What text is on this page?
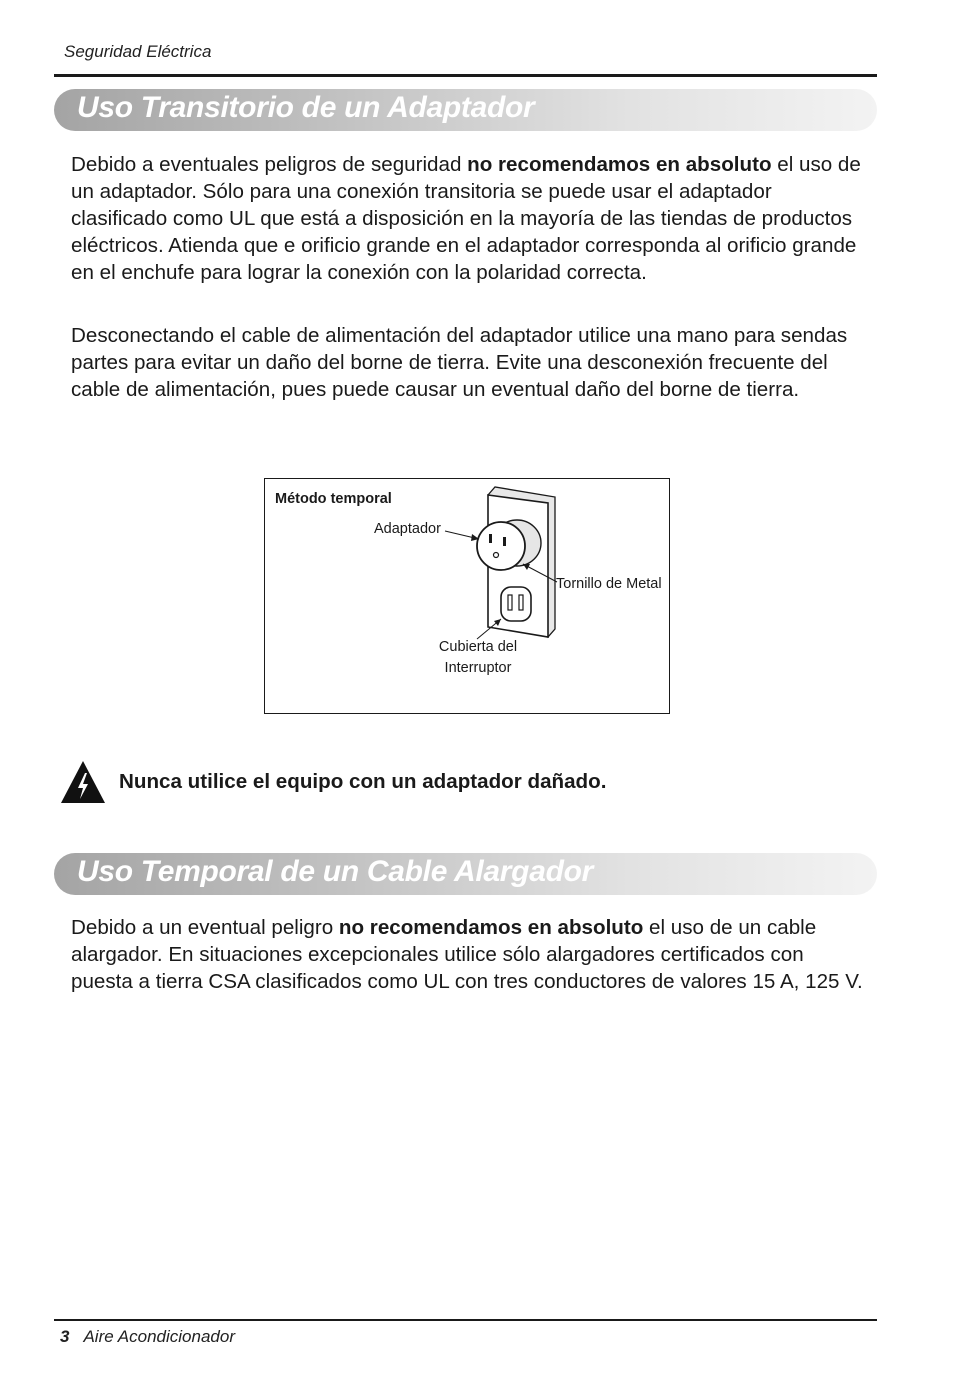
Seguridad Eléctrica
Uso Transitorio de un Adaptador

Debido a eventuales peligros de seguridad no recomendamos en absoluto el uso de un adaptador. Sólo para una conexión transitoria se puede usar el adaptador clasificado como UL que está a disposición en la mayoría de las tiendas de productos eléctricos. Atienda que e orificio grande en el adaptador corresponda al orificio grande en el enchufe para lograr la conexión con la polaridad correcta.

Desconectando el cable de alimentación del adaptador utilice una mano para sendas partes para evitar un daño del borne de tierra. Evite una desconexión frecuente del cable de alimentación, pues puede causar un eventual daño del borne de tierra.

Método temporal
Adaptador
Tornillo de Metal
Cubierta del
Interruptor
Nunca utilice el equipo con un adaptador dañado.
Uso Temporal de un Cable Alargador

Debido a un eventual peligro no recomendamos en absoluto el uso de un cable alargador. En situaciones excepcionales utilice sólo alargadores certificados con puesta a tierra CSA clasificados como UL con tres conductores de valores 15 A, 125 V.

3 Aire Acondicionador
